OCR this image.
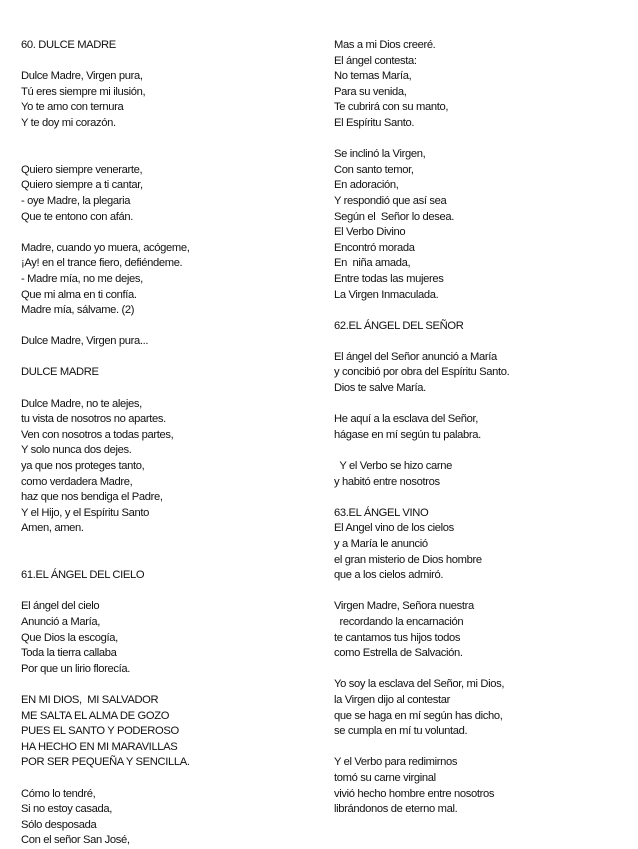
60. DULCE MADRE
Dulce Madre, Virgen pura,
Tú eres siempre mi ilusión,
Yo te amo con ternura
Y te doy mi corazón.
Quiero siempre venerarte,
Quiero siempre a ti cantar,
- oye Madre, la plegaria
Que te entono con afán.
Madre, cuando yo muera, acógeme,
¡Ay! en el trance fiero, defiéndeme.
- Madre mía, no me dejes,
Que mi alma en ti confía.
Madre mía, sálvame. (2)
Dulce Madre, Virgen pura...
DULCE MADRE
Dulce Madre, no te alejes,
tu vista de nosotros no apartes.
Ven con nosotros a todas partes,
Y solo nunca dos dejes.
ya que nos proteges tanto,
como verdadera Madre,
haz que nos bendiga el Padre,
Y el Hijo, y el Espíritu Santo
Amen, amen.
61.EL ÁNGEL DEL CIELO
El ángel del cielo
Anunció a María,
Que Dios la escogía,
Toda la tierra callaba
Por que un lirio florecía.
EN MI DIOS,  MI SALVADOR
ME SALTA EL ALMA DE GOZO
PUES EL SANTO Y PODEROSO
HA HECHO EN MI MARAVILLAS
POR SER PEQUEÑA Y SENCILLA.
Cómo lo tendré,
Si no estoy casada,
Sólo desposada
Con el señor San José,
Mas a mi Dios creeré.
El ángel contesta:
No temas María,
Para su venida,
Te cubrirá con su manto,
El Espíritu Santo.
Se inclinó la Virgen,
Con santo temor,
En adoración,
Y respondió que así sea
Según el  Señor lo desea.
El Verbo Divino
Encontró morada
En  niña amada,
Entre todas las mujeres
La Virgen Inmaculada.
62.EL ÁNGEL DEL SEÑOR
El ángel del Señor anunció a María
y concibió por obra del Espíritu Santo.
Dios te salve María.
He aquí a la esclava del Señor,
hágase en mí según tu palabra.
Y el Verbo se hizo carne
y habitó entre nosotros
63.EL ÁNGEL VINO
El Angel vino de los cielos
y a María le anunció
el gran misterio de Dios hombre
que a los cielos admiró.
Virgen Madre, Señora nuestra
recordando la encarnación
te cantamos tus hijos todos
como Estrella de Salvación.
Yo soy la esclava del Señor, mi Dios,
la Virgen dijo al contestar
que se haga en mí según has dicho,
se cumpla en mí tu voluntad.
Y el Verbo para redimirnos
tomó su carne virginal
vivió hecho hombre entre nosotros
librándonos de eterno mal.
